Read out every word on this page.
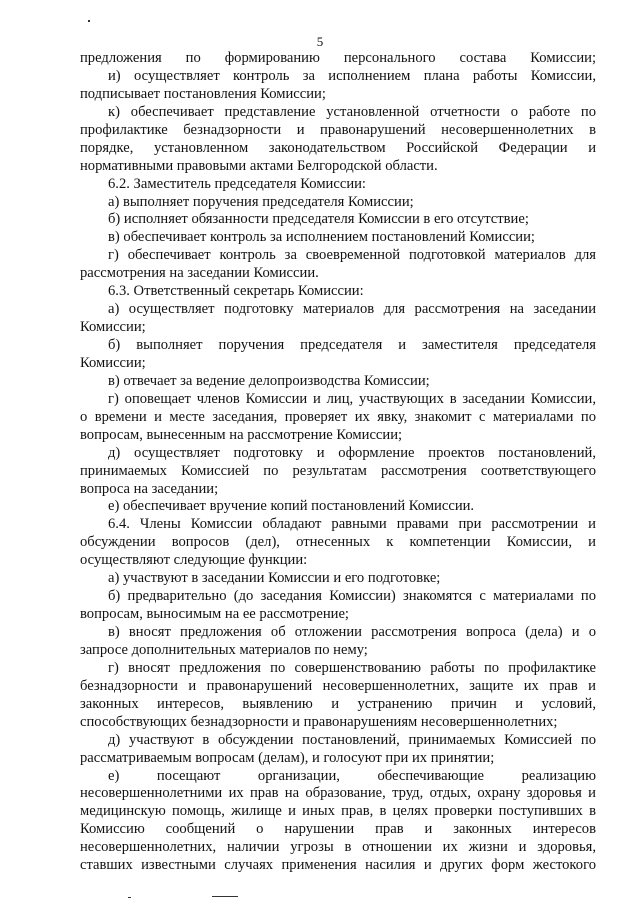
5
предложения по формированию персонального состава Комиссии;
и) осуществляет контроль за исполнением плана работы Комиссии,
подписывает постановления Комиссии;
к) обеспечивает представление установленной отчетности о работе по
профилактике безнадзорности и правонарушений несовершеннолетних в
порядке, установленном законодательством Российской Федерации и
нормативными правовыми актами Белгородской области.
6.2. Заместитель председателя Комиссии:
а) выполняет поручения председателя Комиссии;
б) исполняет обязанности председателя Комиссии в его отсутствие;
в) обеспечивает контроль за исполнением постановлений Комиссии;
г) обеспечивает контроль за своевременной подготовкой материалов для
рассмотрения на заседании Комиссии.
6.3. Ответственный секретарь Комиссии:
а) осуществляет подготовку материалов для рассмотрения на заседании
Комиссии;
б) выполняет поручения председателя и заместителя председателя
Комиссии;
в) отвечает за ведение делопроизводства Комиссии;
г) оповещает членов Комиссии и лиц, участвующих в заседании Комиссии,
о времени и месте заседания, проверяет их явку, знакомит с материалами по
вопросам, вынесенным на рассмотрение Комиссии;
д) осуществляет подготовку и оформление проектов постановлений,
принимаемых Комиссией по результатам рассмотрения соответствующего
вопроса на заседании;
е) обеспечивает вручение копий постановлений Комиссии.
6.4. Члены Комиссии обладают равными правами при рассмотрении и
обсуждении вопросов (дел), отнесенных к компетенции Комиссии, и
осуществляют следующие функции:
а) участвуют в заседании Комиссии и его подготовке;
б) предварительно (до заседания Комиссии) знакомятся с материалами по
вопросам, выносимым на ее рассмотрение;
в) вносят предложения об отложении рассмотрения вопроса (дела) и о
запросе дополнительных материалов по нему;
г) вносят предложения по совершенствованию работы по профилактике
безнадзорности и правонарушений несовершеннолетних, защите их прав и
законных интересов, выявлению и устранению причин и условий,
способствующих безнадзорности и правонарушениям несовершеннолетних;
д) участвуют в обсуждении постановлений, принимаемых Комиссией по
рассматриваемым вопросам (делам), и голосуют при их принятии;
е) посещают организации, обеспечивающие реализацию
несовершеннолетними их прав на образование, труд, отдых, охрану здоровья и
медицинскую помощь, жилище и иных прав, в целях проверки поступивших в
Комиссию сообщений о нарушении прав и законных интересов
несовершеннолетних, наличии угрозы в отношении их жизни и здоровья,
ставших известными случаях применения насилия и других форм жестокого
